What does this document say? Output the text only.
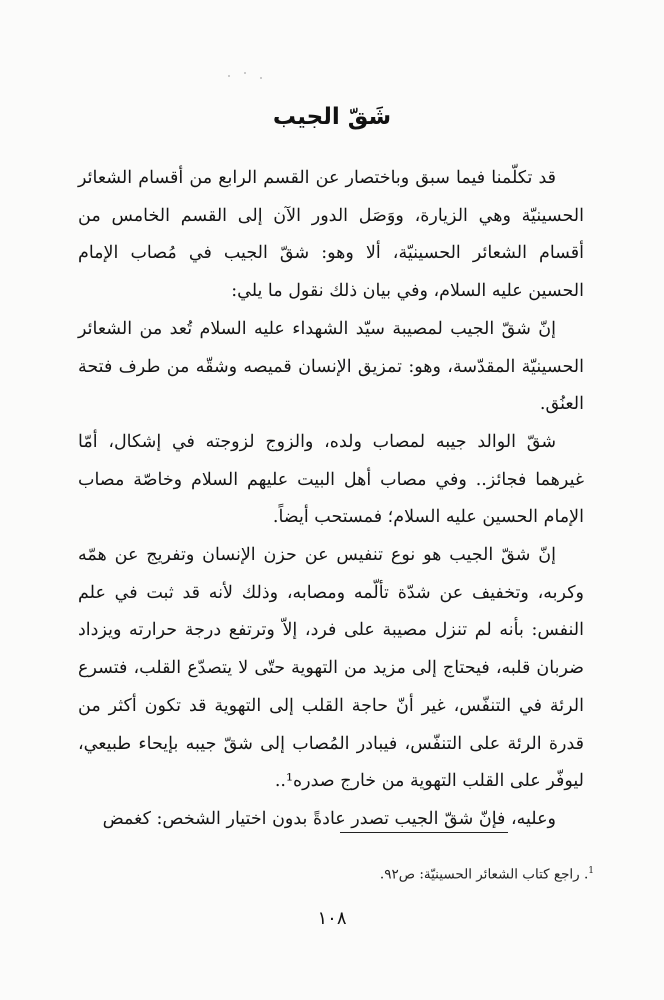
شَقّ الجيب

قد تكلّمنا فيما سبق وباختصار عن القسم الرابع من أقسام الشعائر الحسينيّة وهي الزيارة، ووَصَل الدور الآن إلى القسم الخامس من أقسام الشعائر الحسينيّة، ألا وهو: شقّ الجيب في مُصاب الإمام الحسين عليه السلام، وفي بيان ذلك نقول ما يلي:

إنّ شقّ الجيب لمصيبة سيّد الشهداء عليه السلام تُعد من الشعائر الحسينيّة المقدّسة، وهو: تمزيق الإنسان قميصه وشقّه من طرف فتحة العنُق.

شقّ الوالد جيبه لمصاب ولده، والزوج لزوجته في إشكال، أمّا غيرهما فجائز.. وفي مصاب أهل البيت عليهم السلام وخاصّة مصاب الإمام الحسين عليه السلام؛ فمستحب أيضاً.

إنّ شقّ الجيب هو نوع تنفيس عن حزن الإنسان وتفريج عن همّه وكربه، وتخفيف عن شدّة تألّمه ومصابه، وذلك لأنه قد ثبت في علم النفس: بأنه لم تنزل مصيبة على فرد، إلاّ وترتفع درجة حرارته ويزداد ضربان قلبه، فيحتاج إلى مزيد من التهوية حتّى لا يتصدّع القلب، فتسرع الرئة في التنفّس، غير أنّ حاجة القلب إلى التهوية قد تكون أكثر من قدرة الرئة على التنفّس، فيبادر المُصاب إلى شقّ جيبه بإيحاء طبيعي، ليوفّر على القلب التهوية من خارج صدره¹..

وعليه، فإنّ شقّ الجيب تصدر عادةً بدون اختيار الشخص: كغمض

$^1$. راجع كتاب الشعائر الحسينيّة: ص٩٢.
١٠٨
